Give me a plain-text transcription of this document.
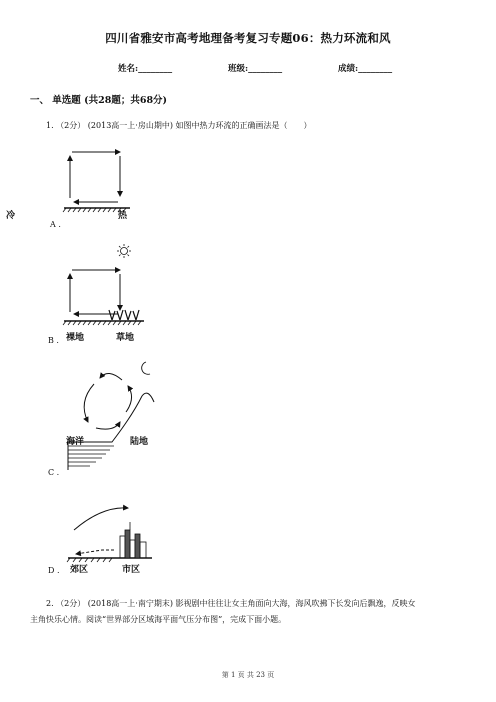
四川省雅安市高考地理备考复习专题06：热力环流和风
姓名:________	班级:________	成绩:________
一、 单选题 (共28题；共68分)
1. （2分） (2013高一上·房山期中) 如图中热力环流的正确画法是（　　）
冷
A .
热
B . 裸地	草地
海洋	陆地
C .
D . 郊区	市区
2. （2分） (2018高一上·南宁期末) 影视剧中往往让女主角面向大海，海风吹拂下长发向后飘逸，反映女
主角快乐心情。阅读“世界部分区域海平面气压分布图”，完成下面小题。
第 1 页 共 23 页
